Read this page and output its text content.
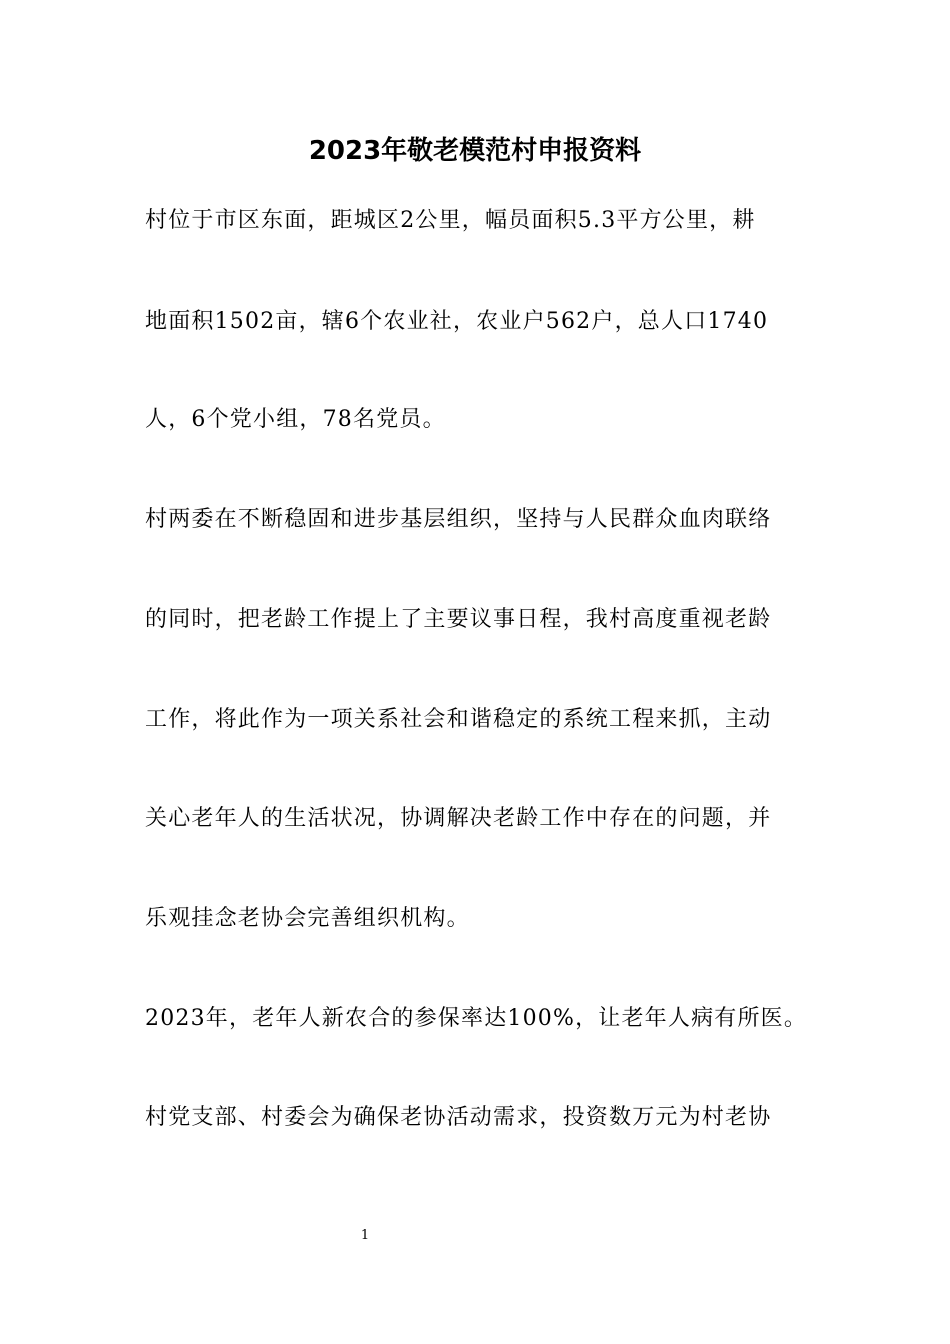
2023年敬老模范村申报资料
村位于市区东面，距城区2公里，幅员面积5.3平方公里，耕
地面积1502亩，辖6个农业社，农业户562户，总人口1740
人，6个党小组，78名党员。
村两委在不断稳固和进步基层组织，坚持与人民群众血肉联络
的同时，把老龄工作提上了主要议事日程，我村高度重视老龄
工作，将此作为一项关系社会和谐稳定的系统工程来抓，主动
关心老年人的生活状况，协调解决老龄工作中存在的问题，并
乐观挂念老协会完善组织机构。
2023年，老年人新农合的参保率达100%，让老年人病有所医。
村党支部、村委会为确保老协活动需求，投资数万元为村老协
1
